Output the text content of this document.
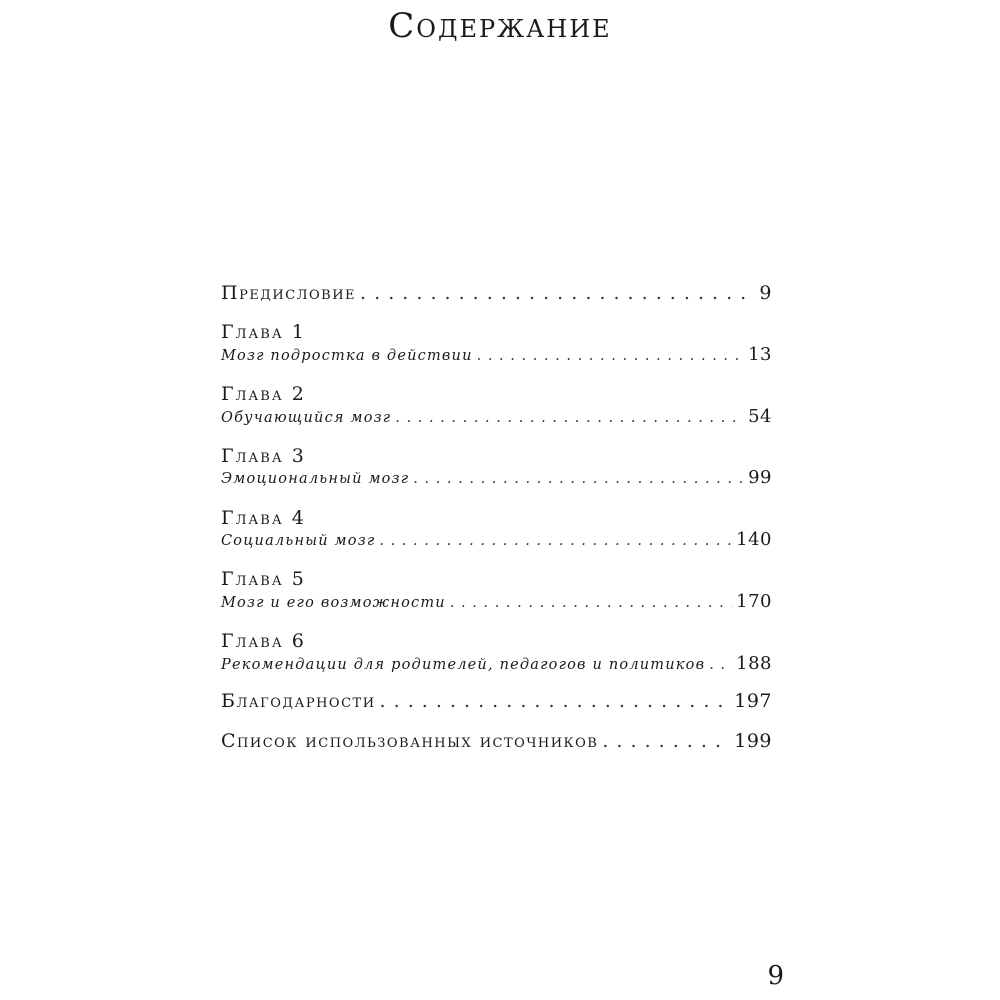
Содержание
Предисловие . . .	9
Глава 1
Мозг подростка в действии . . .	13
Глава 2
Обучающийся мозг . . .	54
Глава 3
Эмоциональный мозг . . .	99
Глава 4
Социальный мозг . . .	140
Глава 5
Мозг и его возможности . . .	170
Глава 6
Рекомендации для родителей, педагогов и политиков . . . 188
Благодарности . . .	197
Список использованных источников . . .	199
9
